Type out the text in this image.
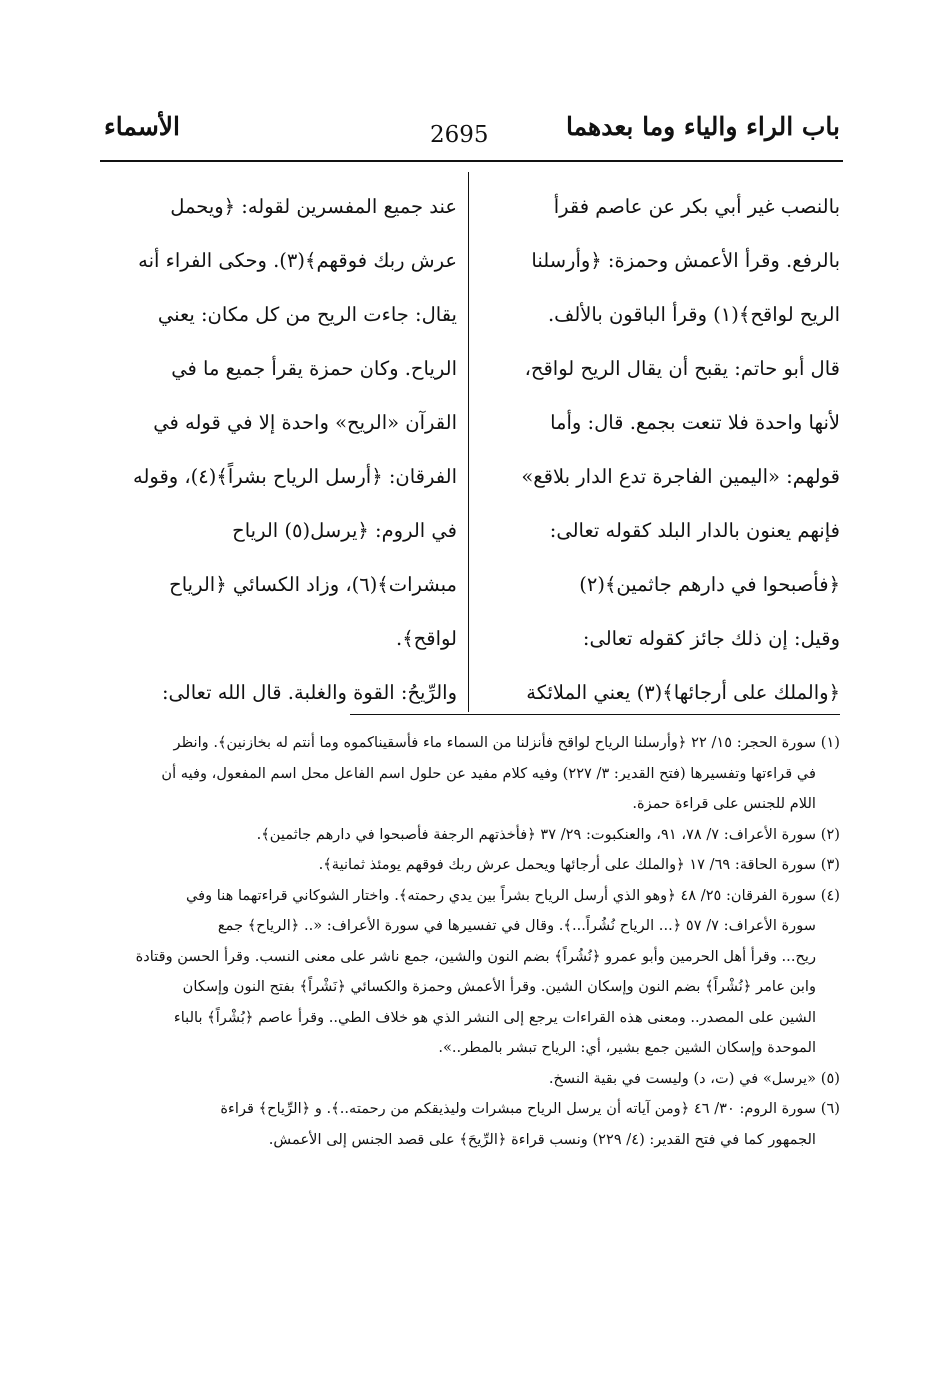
باب الراء والياء وما بعدهما
2695
الأسماء
بالنصب غير أبي بكر عن عاصم فقرأ
بالرفع. وقرأ الأعمش وحمزة: ﴿وأرسلنا
الريح لواقح﴾(١) وقرأ الباقون بالألف.
قال أبو حاتم: يقبح أن يقال الريح لواقح،
لأنها واحدة فلا تنعت بجمع. قال: وأما
قولهم: «اليمين الفاجرة تدع الدار بلاقع»
فإنهم يعنون بالدار البلد كقوله تعالى:
﴿فأصبحوا في دارهم جاثمين﴾(٢)
وقيل: إن ذلك جائز كقوله تعالى:
﴿والملك على أرجائها﴾(٣) يعني الملائكة
عند جميع المفسرين لقوله: ﴿ويحمل
عرش ربك فوقهم﴾(٣). وحكى الفراء أنه
يقال: جاءت الريح من كل مكان: يعني
الرياح. وكان حمزة يقرأ جميع ما في
القرآن «الريح» واحدة إلا في قوله في
الفرقان: ﴿أرسل الرياح بشراً﴾(٤)، وقوله
في الروم: ﴿يرسل(٥) الرياح
مبشرات﴾(٦)، وزاد الكسائي ﴿الرياح
لواقح﴾.
والرِّيحُ: القوة والغلبة. قال الله تعالى:
(١) سورة الحجر: ١٥/ ٢٢ ﴿وأرسلنا الرياح لواقح فأنزلنا من السماء ماء فأسقيناكموه وما أنتم له بخازنين﴾. وانظر
في قراءتها وتفسيرها (فتح القدير: ٣/ ٢٢٧) وفيه كلام مفيد عن حلول اسم الفاعل محل اسم المفعول، وفيه أن
اللام للجنس على قراءة حمزة.
(٢) سورة الأعراف: ٧/ ٧٨، ٩١، والعنكبوت: ٢٩/ ٣٧ ﴿فأخذتهم الرجفة فأصبحوا في دارهم جاثمين﴾.
(٣) سورة الحاقة: ٦٩/ ١٧ ﴿والملك على أرجائها ويحمل عرش ربك فوقهم يومئذ ثمانية﴾.
(٤) سورة الفرقان: ٢٥/ ٤٨ ﴿وهو الذي أرسل الرياح بشراً بين يدي رحمته﴾. واختار الشوكاني قراءتهما هنا وفي
سورة الأعراف: ٧/ ٥٧ ﴿... الرياح نُشُراً...﴾. وقال في تفسيرها في سورة الأعراف: «.. ﴿الرياح﴾ جمع
ريح... وقرأ أهل الحرمين وأبو عمرو ﴿نُشُراً﴾ بضم النون والشين، جمع ناشر على معنى النسب. وقرأ الحسن وقتادة
وابن عامر ﴿نُشْراً﴾ بضم النون وإسكان الشين. وقرأ الأعمش وحمزة والكسائي ﴿نَشْراً﴾ بفتح النون وإسكان
الشين على المصدر.. ومعنى هذه القراءات يرجع إلى النشر الذي هو خلاف الطي.. وقرأ عاصم ﴿بُشْراً﴾ بالباء
الموحدة وإسكان الشين جمع بشير، أي: الرياح تبشر بالمطر..».
(٥) «يرسل» في (ت، د) وليست في بقية النسخ.
(٦) سورة الروم: ٣٠/ ٤٦ ﴿ومن آياته أن يرسل الرياح مبشرات وليذيقكم من رحمته..﴾. و ﴿الرِّياح﴾ قراءة
الجمهور كما في فتح القدير: (٤/ ٢٢٩) ونسب قراءة ﴿الرِّيحَ﴾ على قصد الجنس إلى الأعمش.
